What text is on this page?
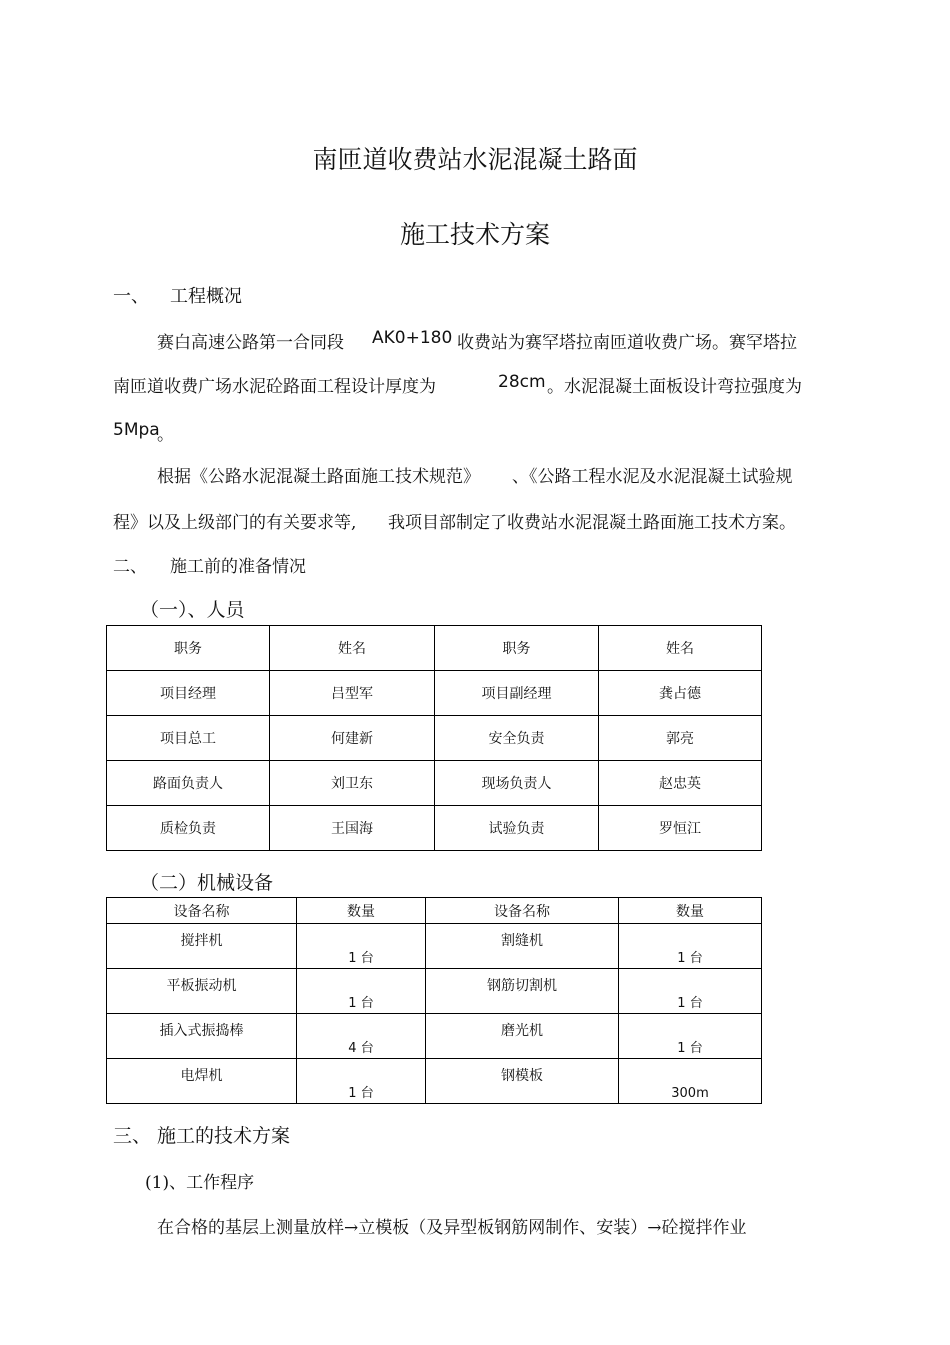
南匝道收费站水泥混凝土路面
施工技术方案
一、 工程概况
赛白高速公路第一合同段 AK0+180 收费站为赛罕塔拉南匝道收费广场。赛罕塔拉
南匝道收费广场水泥砼路面工程设计厚度为	28cm 。水泥混凝土面板设计弯拉强度为
5Mpa
。
根据《公路水泥混凝土路面施工技术规范》 、《公路工程水泥及水泥混凝土试验规
程》以及上级部门的有关要求等, 我项目部制定了收费站水泥混凝土路面施工技术方案。
二、 施工前的准备情况
（一）、人员
职务	姓名	职务	姓名
项目经理	吕型军	项目副经理	龚占德
项目总工	何建新	安全负责	郭亮
路面负责人	刘卫东	现场负责人	赵忠英
质检负责	王国海	试验负责	罗恒江
（二）机械设备
设备名称	数量	设备名称	数量

搅拌机	1 台	割缝机	1 台

平板振动机	1 台	钢筋切割机	1 台

插入式振捣棒	4 台	磨光机	1 台

电焊机	1 台	钢模板	300m
三、 施工的技术方案
(1)、工作程序
在合格的基层上测量放样→立模板（及异型板钢筋网制作、安装）→砼搅拌作业
